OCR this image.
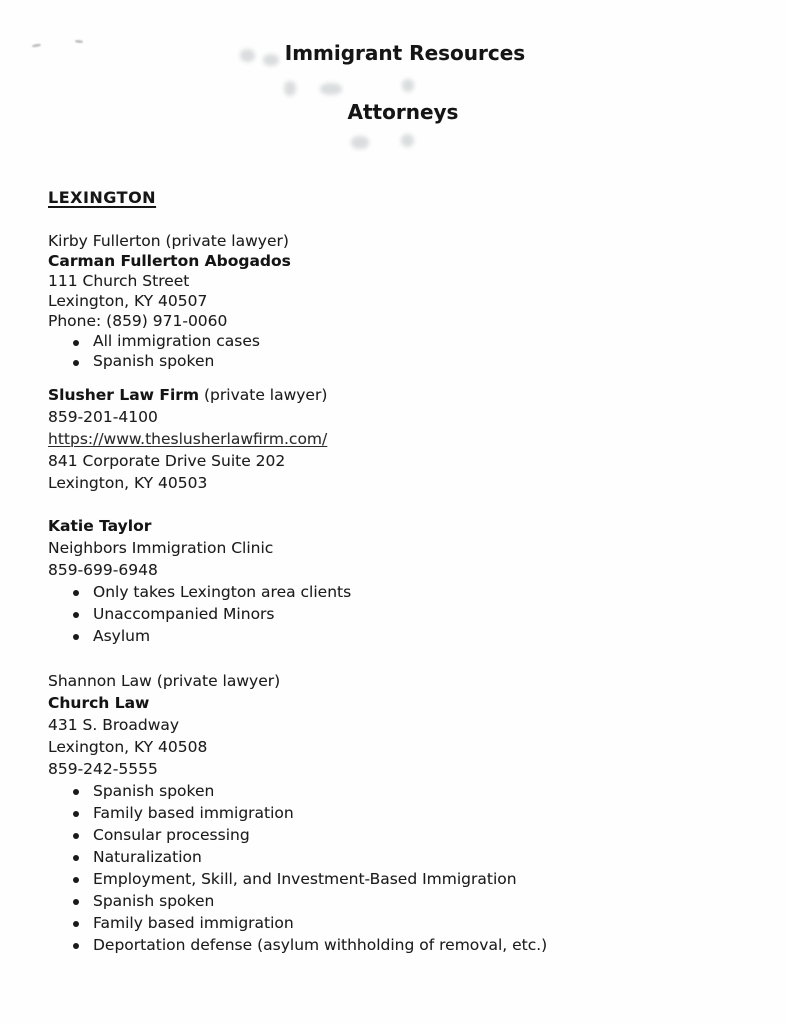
Immigrant Resources
Attorneys
LEXINGTON
Kirby Fullerton (private lawyer)
Carman Fullerton Abogados
111 Church Street
Lexington, KY 40507
Phone: (859) 971-0060
All immigration cases
Spanish spoken
Slusher Law Firm (private lawyer)
859-201-4100
https://www.theslusherlawfirm.com/
841 Corporate Drive Suite 202
Lexington, KY 40503
Katie Taylor
Neighbors Immigration Clinic
859-699-6948
Only takes Lexington area clients
Unaccompanied Minors
Asylum
Shannon Law (private lawyer)
Church Law
431 S. Broadway
Lexington, KY 40508
859-242-5555
Spanish spoken
Family based immigration
Consular processing
Naturalization
Employment, Skill, and Investment-Based Immigration
Spanish spoken
Family based immigration
Deportation defense (asylum withholding of removal, etc.)
